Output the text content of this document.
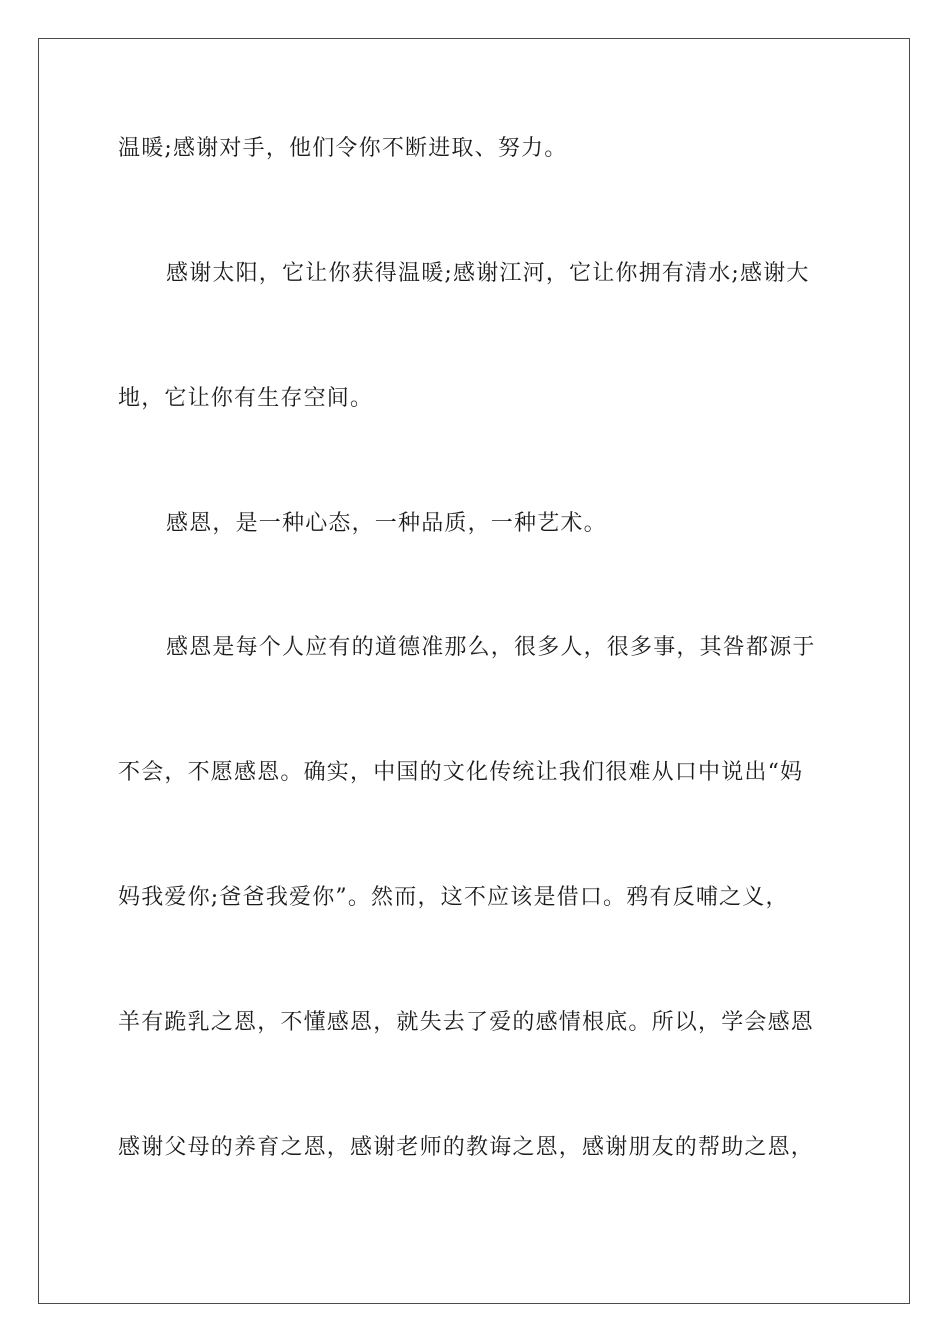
温暖;感谢对手，他们令你不断进取、努力。
感谢太阳，它让你获得温暖;感谢江河，它让你拥有清水;感谢大
地，它让你有生存空间。
感恩，是一种心态，一种品质，一种艺术。
感恩是每个人应有的道德准那么，很多人，很多事，其咎都源于
不会，不愿感恩。确实，中国的文化传统让我们很难从口中说出“妈
妈我爱你;爸爸我爱你”。然而，这不应该是借口。鸦有反哺之义，
羊有跪乳之恩，不懂感恩，就失去了爱的感情根底。所以，学会感恩
感谢父母的养育之恩，感谢老师的教诲之恩，感谢朋友的帮助之恩，
